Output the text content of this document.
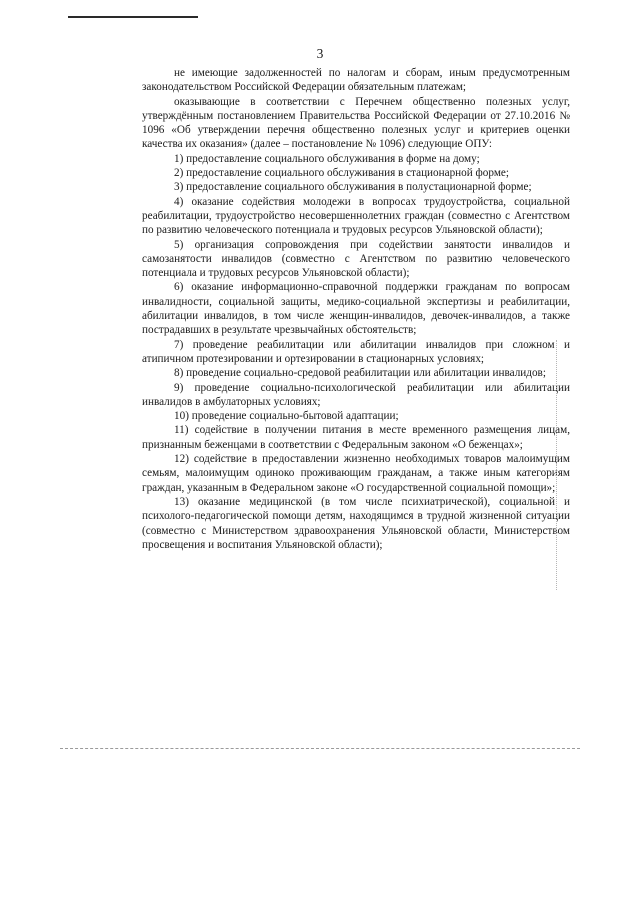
3

не имеющие задолженностей по налогам и сборам, иным предусмотренным законодательством Российской Федерации обязательным платежам;

оказывающие в соответствии с Перечнем общественно полезных услуг, утверждённым постановлением Правительства Российской Федерации от 27.10.2016 № 1096 «Об утверждении перечня общественно полезных услуг и критериев оценки качества их оказания» (далее – постановление № 1096) следующие ОПУ:

1) предоставление социального обслуживания в форме на дому;

2) предоставление социального обслуживания в стационарной форме;

3) предоставление социального обслуживания в полустационарной форме;

4) оказание содействия молодежи в вопросах трудоустройства, социальной реабилитации, трудоустройство несовершеннолетних граждан (совместно с Агентством по развитию человеческого потенциала и трудовых ресурсов Ульяновской области);

5) организация сопровождения при содействии занятости инвалидов и самозанятости инвалидов (совместно с Агентством по развитию человеческого потенциала и трудовых ресурсов Ульяновской области);

6) оказание информационно-справочной поддержки гражданам по вопросам инвалидности, социальной защиты, медико-социальной экспертизы и реабилитации, абилитации инвалидов, в том числе женщин-инвалидов, девочек-инвалидов, а также пострадавших в результате чрезвычайных обстоятельств;

7) проведение реабилитации или абилитации инвалидов при сложном и атипичном протезировании и ортезировании в стационарных условиях;

8) проведение социально-средовой реабилитации или абилитации инвалидов;

9) проведение социально-психологической реабилитации или абилитации инвалидов в амбулаторных условиях;

10) проведение социально-бытовой адаптации;

11) содействие в получении питания в месте временного размещения лицам, признанным беженцами в соответствии с Федеральным законом «О беженцах»;

12) содействие в предоставлении жизненно необходимых товаров малоимущим семьям, малоимущим одиноко проживающим гражданам, а также иным категориям граждан, указанным в Федеральном законе «О государственной социальной помощи»;

13) оказание медицинской (в том числе психиатрической), социальной и психолого-педагогической помощи детям, находящимся в трудной жизненной ситуации (совместно с Министерством здравоохранения Ульяновской области, Министерством просвещения и воспитания Ульяновской области);
